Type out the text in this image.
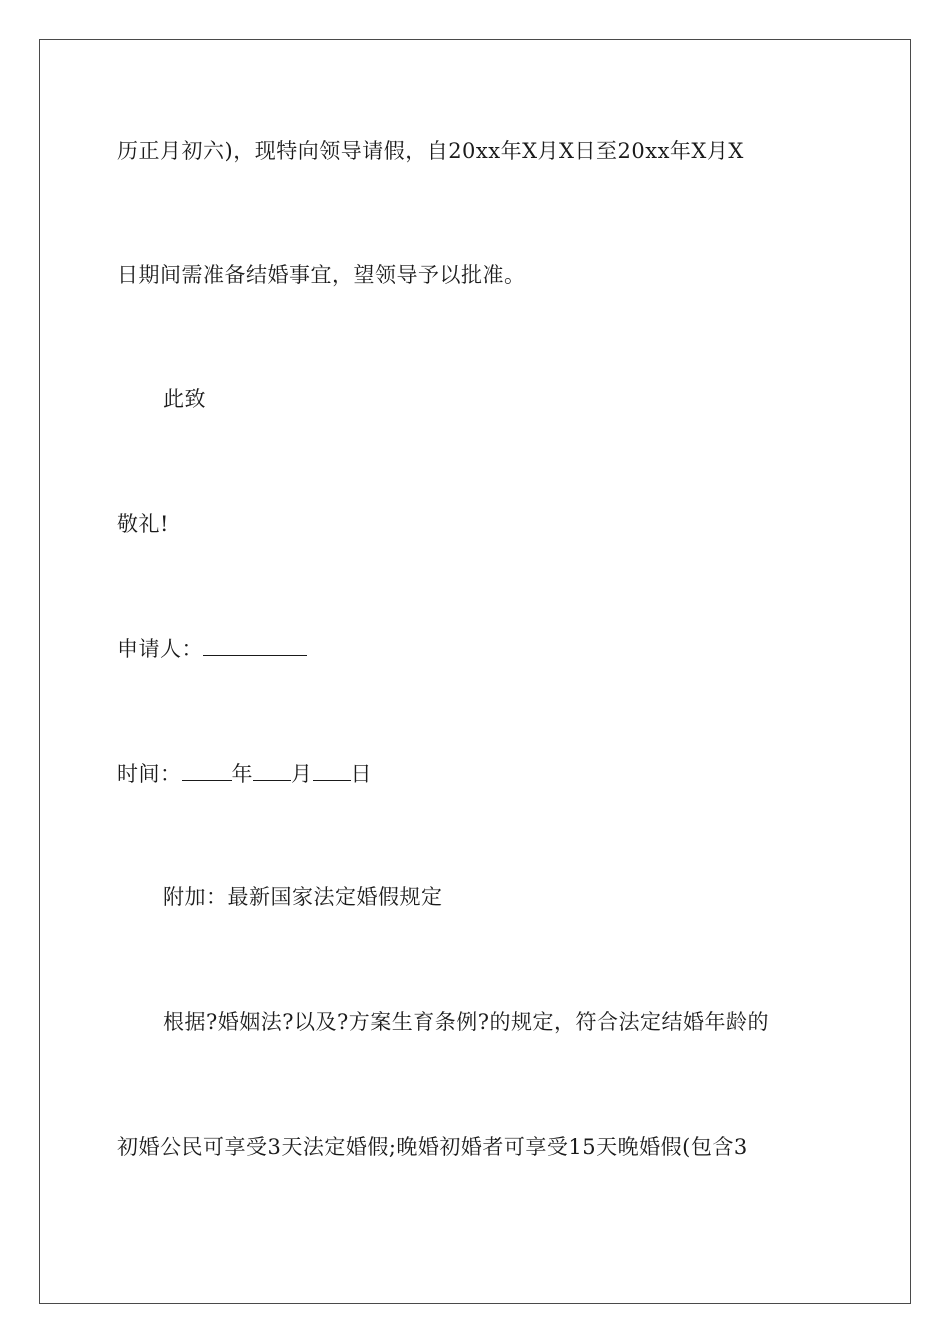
历正月初六)，现特向领导请假，自20xx年X月X日至20xx年X月X
日期间需准备结婚事宜，望领导予以批准。
此致
敬礼!
申请人：
时间： 年 月 日
附加：最新国家法定婚假规定
根据?婚姻法?以及?方案生育条例?的规定，符合法定结婚年龄的
初婚公民可享受3天法定婚假;晚婚初婚者可享受15天晚婚假(包含3
